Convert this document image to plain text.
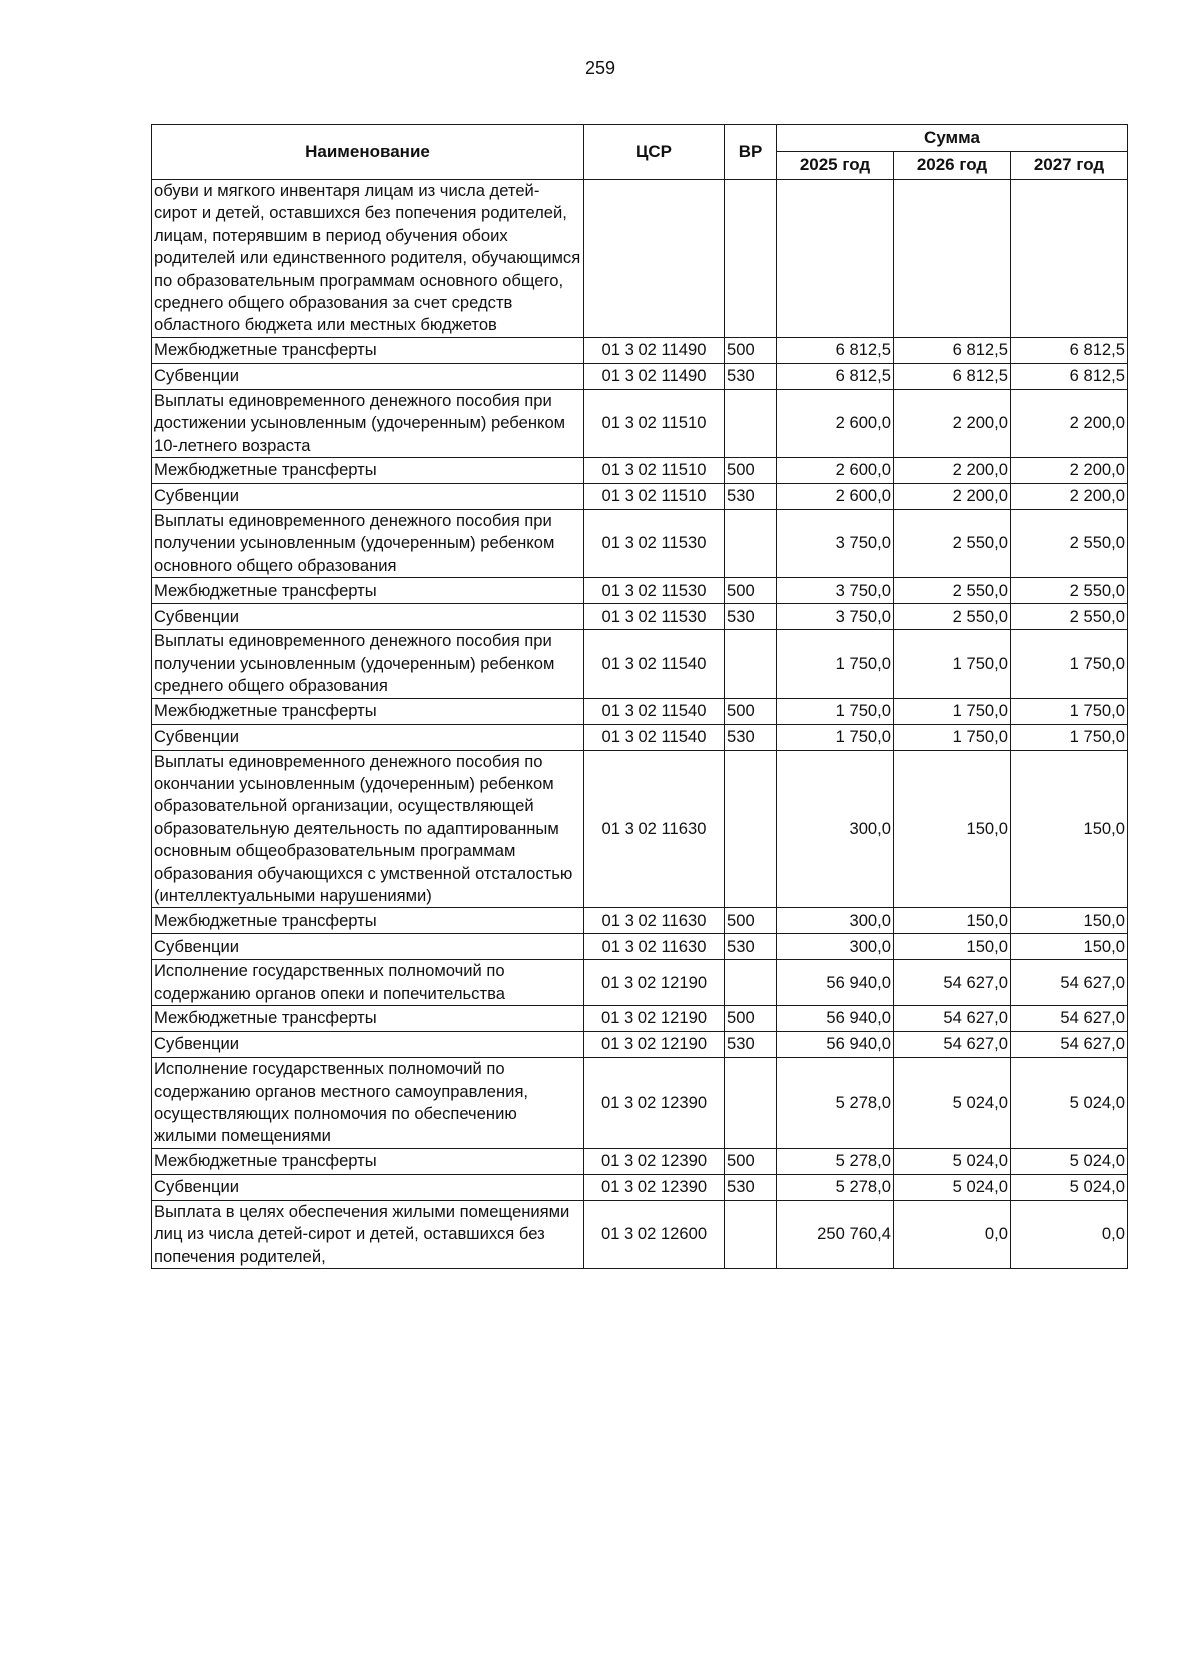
259
Наименование	ЦСР	ВР	Сумма		
			2025 год	2026 год	2027 год
обуви и мягкого инвентаря лицам из числа детей-сирот и детей, оставшихся без попечения родителей, лицам, потерявшим в период обучения обоих родителей или единственного родителя, обучающимся по образовательным программам основного общего, среднего общего образования за счет средств областного бюджета или местных бюджетов					
Межбюджетные трансферты	01 3 02 11490	500	6 812,5	6 812,5	6 812,5
Субвенции	01 3 02 11490	530	6 812,5	6 812,5	6 812,5
Выплаты единовременного денежного пособия при достижении усыновленным (удочеренным) ребенком 10-летнего возраста	01 3 02 11510		2 600,0	2 200,0	2 200,0
Межбюджетные трансферты	01 3 02 11510	500	2 600,0	2 200,0	2 200,0
Субвенции	01 3 02 11510	530	2 600,0	2 200,0	2 200,0
Выплаты единовременного денежного пособия при получении усыновленным (удочеренным) ребенком основного общего образования	01 3 02 11530		3 750,0	2 550,0	2 550,0
Межбюджетные трансферты	01 3 02 11530	500	3 750,0	2 550,0	2 550,0
Субвенции	01 3 02 11530	530	3 750,0	2 550,0	2 550,0
Выплаты единовременного денежного пособия при получении усыновленным (удочеренным) ребенком среднего общего образования	01 3 02 11540		1 750,0	1 750,0	1 750,0
Межбюджетные трансферты	01 3 02 11540	500	1 750,0	1 750,0	1 750,0
Субвенции	01 3 02 11540	530	1 750,0	1 750,0	1 750,0
Выплаты единовременного денежного пособия по окончании усыновленным (удочеренным) ребенком образовательной организации, осуществляющей образовательную деятельность по адаптированным основным общеобразовательным программам образования обучающихся с умственной отсталостью (интеллектуальными нарушениями)	01 3 02 11630		300,0	150,0	150,0
Межбюджетные трансферты	01 3 02 11630	500	300,0	150,0	150,0
Субвенции	01 3 02 11630	530	300,0	150,0	150,0
Исполнение государственных полномочий по содержанию органов опеки и попечительства	01 3 02 12190		56 940,0	54 627,0	54 627,0
Межбюджетные трансферты	01 3 02 12190	500	56 940,0	54 627,0	54 627,0
Субвенции	01 3 02 12190	530	56 940,0	54 627,0	54 627,0
Исполнение государственных полномочий по содержанию органов местного самоуправления, осуществляющих полномочия по обеспечению жилыми помещениями	01 3 02 12390		5 278,0	5 024,0	5 024,0
Межбюджетные трансферты	01 3 02 12390	500	5 278,0	5 024,0	5 024,0
Субвенции	01 3 02 12390	530	5 278,0	5 024,0	5 024,0
Выплата в целях обеспечения жилыми помещениями лиц из числа детей-сирот и детей, оставшихся без попечения родителей,	01 3 02 12600		250 760,4	0,0	0,0
